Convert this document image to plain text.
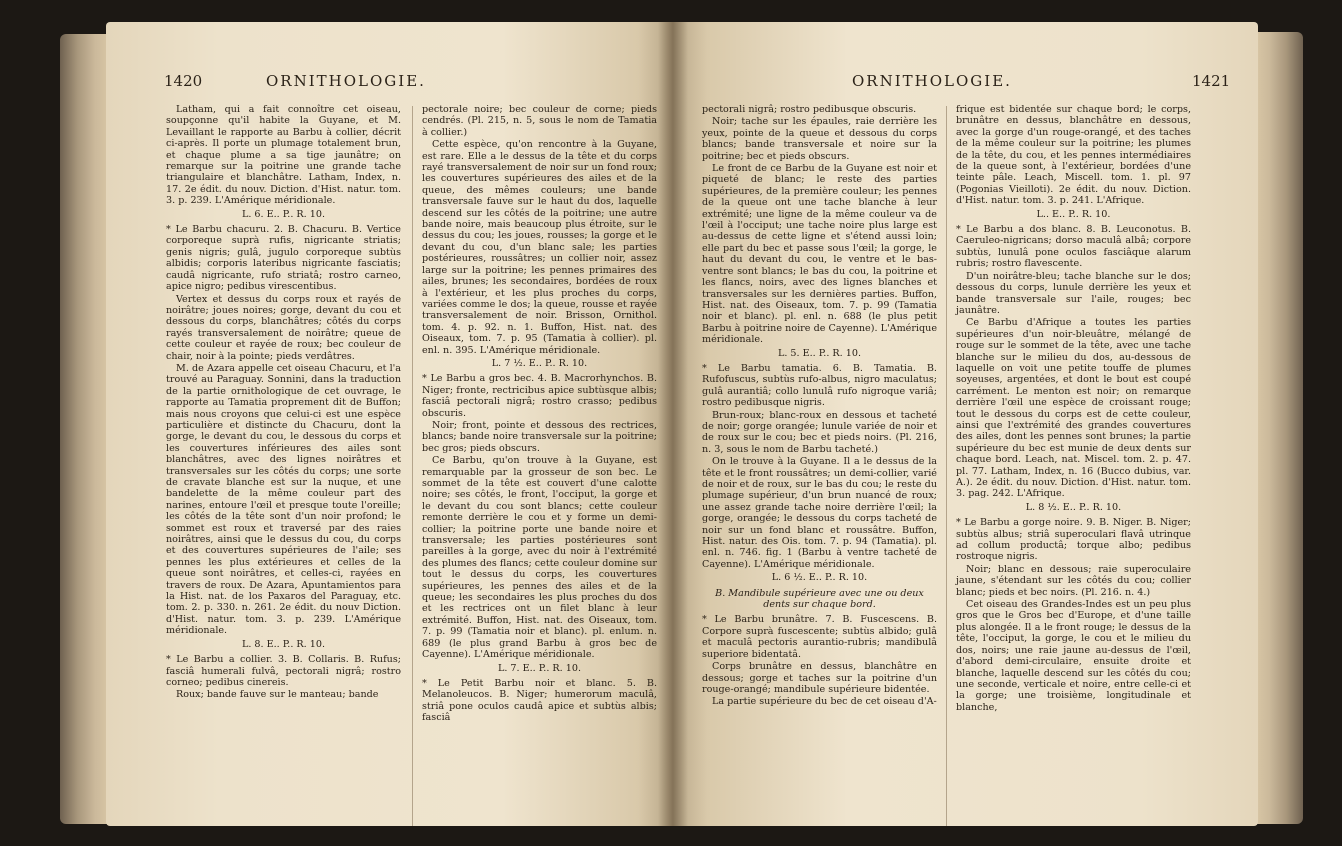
1420	ORNITHOLOGIE.

Latham, qui a fait connoître cet oiseau, soupçonne qu'il habite la Guyane, et M. Levaillant le rapporte au Barbu à collier, décrit ci-après. Il porte un plumage totalement brun, et chaque plume a sa tige jaunâtre; on remarque sur la poitrine une grande tache triangulaire et blanchâtre. Latham, Index, n. 17. 2e édit. du nouv. Diction. d'Hist. natur. tom. 3. p. 239. L'Amérique méridionale.

L. 6. E.. P.. R. 10.

* Le Barbu chacuru. 2. B. Chacuru. B. Vertice corporeque suprà rufis, nigricante striatis; genis nigris; gulâ, jugulo corporeque subtùs albidis; corporis lateribus nigricante fasciatis; caudâ nigricante, rufo striatâ; rostro carneo, apice nigro; pedibus virescentibus.

Vertex et dessus du corps roux et rayés de noirâtre; joues noires; gorge, devant du cou et dessous du corps, blanchâtres; côtés du corps rayés transversalement de noirâtre; queue de cette couleur et rayée de roux; bec couleur de chair, noir à la pointe; pieds verdâtres.

M. de Azara appelle cet oiseau Chacuru, et l'a trouvé au Paraguay. Sonnini, dans la traduction de la partie ornithologique de cet ouvrage, le rapporte au Tamatia proprement dit de Buffon; mais nous croyons que celui-ci est une espèce particulière et distincte du Chacuru, dont la gorge, le devant du cou, le dessous du corps et les couvertures inférieures des ailes sont blanchâtres, avec des lignes noirâtres et transversales sur les côtés du corps; une sorte de cravate blanche est sur la nuque, et une bandelette de la même couleur part des narines, entoure l'œil et presque toute l'oreille; les côtés de la tête sont d'un noir profond; le sommet est roux et traversé par des raies noirâtres, ainsi que le dessus du cou, du corps et des couvertures supérieures de l'aile; ses pennes les plus extérieures et celles de la queue sont noirâtres, et celles-ci, rayées en travers de roux. De Azara, Apuntamientos para la Hist. nat. de los Paxaros del Paraguay, etc. tom. 2. p. 330. n. 261. 2e édit. du nouv Diction. d'Hist. natur. tom. 3. p. 239. L'Amérique méridionale.

L. 8. E.. P.. R. 10.

* Le Barbu a collier. 3. B. Collaris. B. Rufus; fasciâ humerali fulvâ, pectorali nigrâ; rostro corneo; pedibus cinereis.

Roux; bande fauve sur le manteau; bande

pectorale noire; bec couleur de corne; pieds cendrés. (Pl. 215, n. 5, sous le nom de Tamatia à collier.)

Cette espèce, qu'on rencontre à la Guyane, est rare. Elle a le dessus de la tête et du corps rayé transversalement de noir sur un fond roux; les couvertures supérieures des ailes et de la queue, des mêmes couleurs; une bande transversale fauve sur le haut du dos, laquelle descend sur les côtés de la poitrine; une autre bande noire, mais beaucoup plus étroite, sur le dessus du cou; les joues, rousses; la gorge et le devant du cou, d'un blanc sale; les parties postérieures, roussâtres; un collier noir, assez large sur la poitrine; les pennes primaires des ailes, brunes; les secondaires, bordées de roux à l'extérieur, et les plus proches du corps, variées comme le dos; la queue, rousse et rayée transversalement de noir. Brisson, Ornithol. tom. 4. p. 92. n. 1. Buffon, Hist. nat. des Oiseaux, tom. 7. p. 95 (Tamatia à collier). pl. enl. n. 395. L'Amérique méridionale.

L. 7 ½. E.. P.. R. 10.

* Le Barbu a gros bec. 4. B. Macrorhynchos. B. Niger; fronte, rectricibus apice subtùsque albis; fasciâ pectorali nigrâ; rostro crasso; pedibus obscuris.

Noir; front, pointe et dessous des rectrices, blancs; bande noire transversale sur la poitrine; bec gros; pieds obscurs.

Ce Barbu, qu'on trouve à la Guyane, est remarquable par la grosseur de son bec. Le sommet de la tête est couvert d'une calotte noire; ses côtés, le front, l'occiput, la gorge et le devant du cou sont blancs; cette couleur remonte derrière le cou et y forme un demi-collier; la poitrine porte une bande noire et transversale; les parties postérieures sont pareilles à la gorge, avec du noir à l'extrémité des plumes des flancs; cette couleur domine sur tout le dessus du corps, les couvertures supérieures, les pennes des ailes et de la queue; les secondaires les plus proches du dos et les rectrices ont un filet blanc à leur extrémité. Buffon, Hist. nat. des Oiseaux, tom. 7. p. 99 (Tamatia noir et blanc). pl. enlum. n. 689 (le plus grand Barbu à gros bec de Cayenne). L'Amérique méridionale.

L. 7. E.. P.. R. 10.

* Le Petit Barbu noir et blanc. 5. B. Melanoleucos. B. Niger; humerorum maculâ, striâ pone oculos caudâ apice et subtùs albis; fasciâ

ORNITHOLOGIE.	1421

pectorali nigrâ; rostro pedibusque obscuris.

Noir; tache sur les épaules, raie derrière les yeux, pointe de la queue et dessous du corps blancs; bande transversale et noire sur la poitrine; bec et pieds obscurs.

Le front de ce Barbu de la Guyane est noir et piqueté de blanc; le reste des parties supérieures, de la première couleur; les pennes de la queue ont une tache blanche à leur extrémité; une ligne de la même couleur va de l'œil à l'occiput; une tache noire plus large est au-dessus de cette ligne et s'étend aussi loin; elle part du bec et passe sous l'œil; la gorge, le haut du devant du cou, le ventre et le bas-ventre sont blancs; le bas du cou, la poitrine et les flancs, noirs, avec des lignes blanches et transversales sur les dernières parties. Buffon, Hist. nat. des Oiseaux, tom. 7. p. 99 (Tamatia noir et blanc). pl. enl. n. 688 (le plus petit Barbu à poitrine noire de Cayenne). L'Amérique méridionale.

L. 5. E.. P.. R. 10.

* Le Barbu tamatia. 6. B. Tamatia. B. Rufofuscus, subtùs rufo-albus, nigro maculatus; gulâ aurantiâ; collo lunulâ rufo nigroque variâ; rostro pedibusque nigris.

Brun-roux; blanc-roux en dessous et tacheté de noir; gorge orangée; lunule variée de noir et de roux sur le cou; bec et pieds noirs. (Pl. 216, n. 3, sous le nom de Barbu tacheté.)

On le trouve à la Guyane. Il a le dessus de la tête et le front roussâtres; un demi-collier, varié de noir et de roux, sur le bas du cou; le reste du plumage supérieur, d'un brun nuancé de roux; une assez grande tache noire derrière l'œil; la gorge, orangée; le dessous du corps tacheté de noir sur un fond blanc et roussâtre. Buffon, Hist. natur. des Ois. tom. 7. p. 94 (Tamatia). pl. enl. n. 746. fig. 1 (Barbu à ventre tacheté de Cayenne). L'Amérique méridionale.

L. 6 ½. E.. P.. R. 10.

B. Mandibule supérieure avec une ou deux dents sur chaque bord.

* Le Barbu brunâtre. 7. B. Fuscescens. B. Corpore suprà fuscescente; subtùs albido; gulâ et maculâ pectoris aurantio-rubris; mandibulâ superiore bidentatâ.

Corps brunâtre en dessus, blanchâtre en dessous; gorge et taches sur la poitrine d'un rouge-orangé; mandibule supérieure bidentée.

La partie supérieure du bec de cet oiseau d'A-

frique est bidentée sur chaque bord; le corps, brunâtre en dessus, blanchâtre en dessous, avec la gorge d'un rouge-orangé, et des taches de la même couleur sur la poitrine; les plumes de la tête, du cou, et les pennes intermédiaires de la queue sont, à l'extérieur, bordées d'une teinte pâle. Leach, Miscell. tom. 1. pl. 97 (Pogonias Vieilloti). 2e édit. du nouv. Diction. d'Hist. natur. tom. 3. p. 241. L'Afrique.

L.. E.. P.. R. 10.

* Le Barbu a dos blanc. 8. B. Leuconotus. B. Caeruleo-nigricans; dorso maculâ albâ; corpore subtùs, lunulâ pone oculos fasciâque alarum rubris; rostro flavescente.

D'un noirâtre-bleu; tache blanche sur le dos; dessous du corps, lunule derrière les yeux et bande transversale sur l'aile, rouges; bec jaunâtre.

Ce Barbu d'Afrique a toutes les parties supérieures d'un noir-bleuâtre, mélangé de rouge sur le sommet de la tête, avec une tache blanche sur le milieu du dos, au-dessous de laquelle on voit une petite touffe de plumes soyeuses, argentées, et dont le bout est coupé carrément. Le menton est noir; on remarque derrière l'œil une espèce de croissant rouge; tout le dessous du corps est de cette couleur, ainsi que l'extrémité des grandes couvertures des ailes, dont les pennes sont brunes; la partie supérieure du bec est munie de deux dents sur chaque bord. Leach, nat. Miscel. tom. 2. p. 47. pl. 77. Latham, Index, n. 16 (Bucco dubius, var. A.). 2e édit. du nouv. Diction. d'Hist. natur. tom. 3. pag. 242. L'Afrique.

L. 8 ½. E.. P.. R. 10.

* Le Barbu a gorge noire. 9. B. Niger. B. Niger; subtùs albus; striâ superoculari flavâ utrinque ad collum productâ; torque albo; pedibus rostroque nigris.

Noir; blanc en dessous; raie superoculaire jaune, s'étendant sur les côtés du cou; collier blanc; pieds et bec noirs. (Pl. 216. n. 4.)

Cet oiseau des Grandes-Indes est un peu plus gros que le Gros bec d'Europe, et d'une taille plus alongée. Il a le front rouge; le dessus de la tête, l'occiput, la gorge, le cou et le milieu du dos, noirs; une raie jaune au-dessus de l'œil, d'abord demi-circulaire, ensuite droite et blanche, laquelle descend sur les côtés du cou; une seconde, verticale et noire, entre celle-ci et la gorge; une troisième, longitudinale et blanche,
